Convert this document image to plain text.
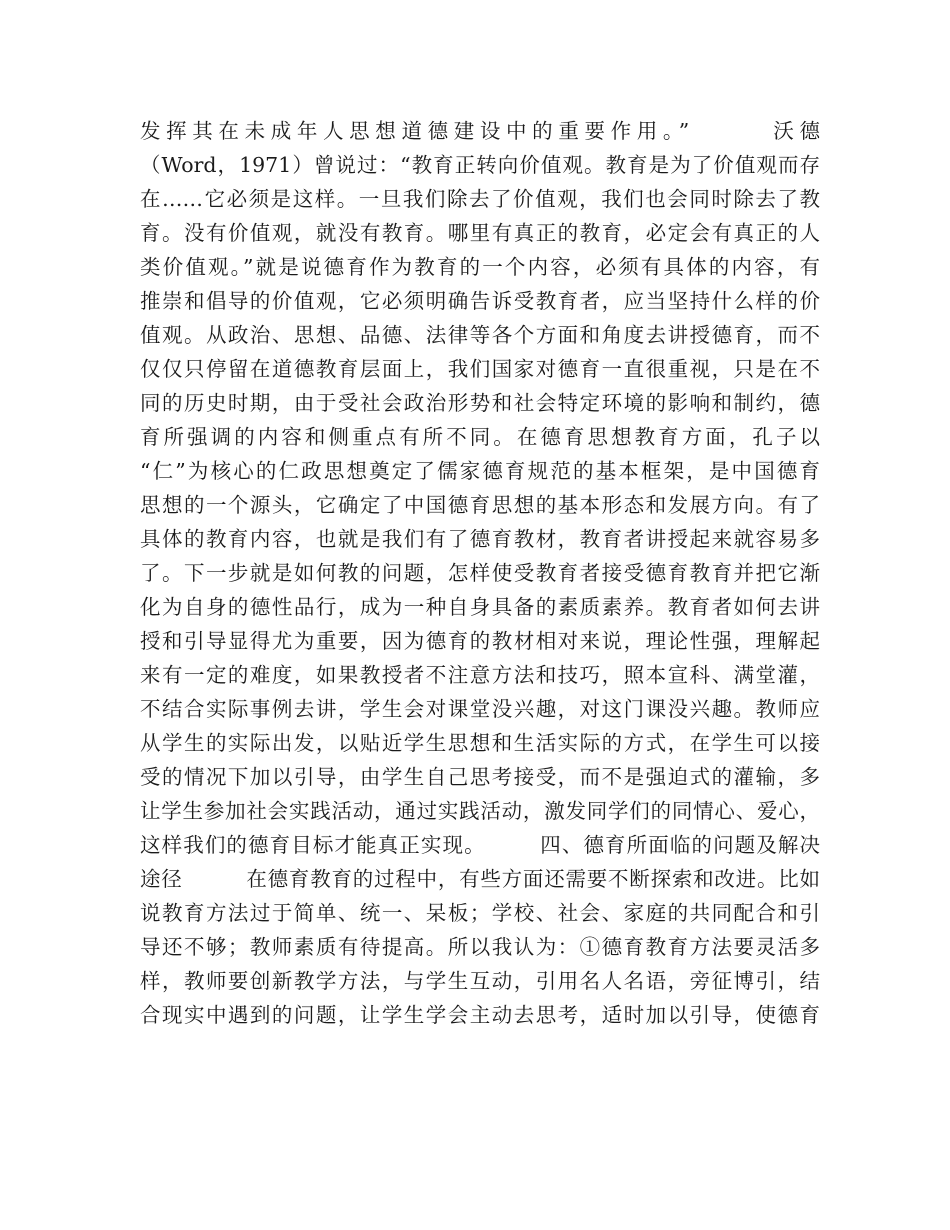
发挥其在未成年人思想道德建设中的重要作用。”　　　沃德
（Word，1971）曾说过：“教育正转向价值观。教育是为了价值观而存
在……它必须是这样。一旦我们除去了价值观，我们也会同时除去了教
育。没有价值观，就没有教育。哪里有真正的教育，必定会有真正的人
类价值观。”就是说德育作为教育的一个内容，必须有具体的内容，有
推崇和倡导的价值观，它必须明确告诉受教育者，应当坚持什么样的价
值观。从政治、思想、品德、法律等各个方面和角度去讲授德育，而不
仅仅只停留在道德教育层面上，我们国家对德育一直很重视，只是在不
同的历史时期，由于受社会政治形势和社会特定环境的影响和制约，德
育所强调的内容和侧重点有所不同。在德育思想教育方面，孔子以
“仁”为核心的仁政思想奠定了儒家德育规范的基本框架，是中国德育
思想的一个源头，它确定了中国德育思想的基本形态和发展方向。有了
具体的教育内容，也就是我们有了德育教材，教育者讲授起来就容易多
了。下一步就是如何教的问题，怎样使受教育者接受德育教育并把它渐
化为自身的德性品行，成为一种自身具备的素质素养。教育者如何去讲
授和引导显得尤为重要，因为德育的教材相对来说，理论性强，理解起
来有一定的难度，如果教授者不注意方法和技巧，照本宣科、满堂灌，
不结合实际事例去讲，学生会对课堂没兴趣，对这门课没兴趣。教师应
从学生的实际出发，以贴近学生思想和生活实际的方式，在学生可以接
受的情况下加以引导，由学生自己思考接受，而不是强迫式的灌输，多
让学生参加社会实践活动，通过实践活动，激发同学们的同情心、爱心，
这样我们的德育目标才能真正实现。　　　四、德育所面临的问题及解决
途径　　　在德育教育的过程中，有些方面还需要不断探索和改进。比如
说教育方法过于简单、统一、呆板；学校、社会、家庭的共同配合和引
导还不够；教师素质有待提高。所以我认为：①德育教育方法要灵活多
样，教师要创新教学方法，与学生互动，引用名人名语，旁征博引，结
合现实中遇到的问题，让学生学会主动去思考，适时加以引导，使德育
